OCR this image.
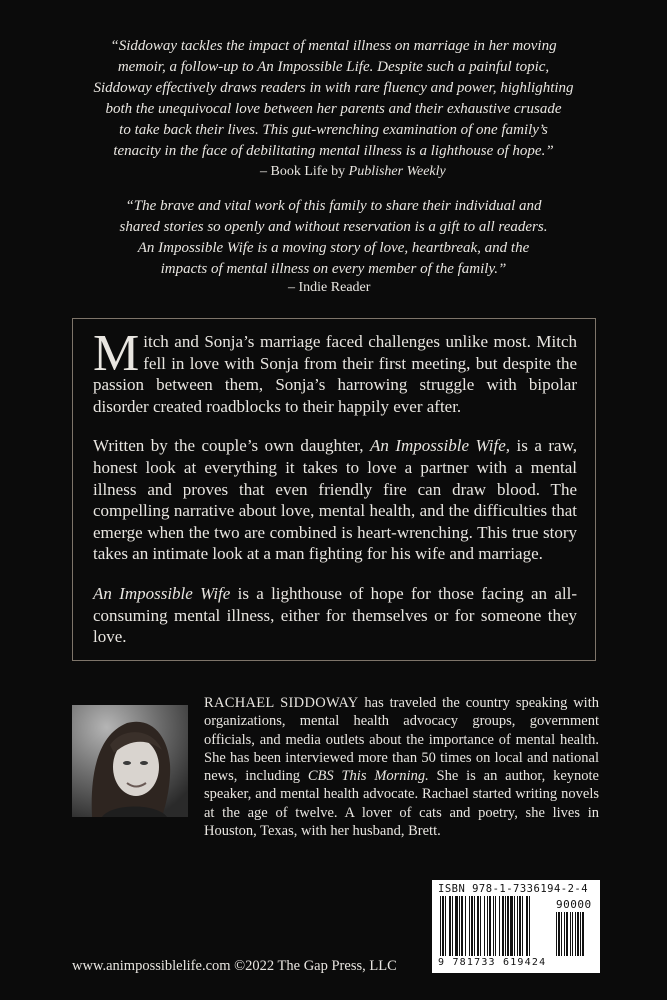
“Siddoway tackles the impact of mental illness on marriage in her moving

memoir, a follow-up to An Impossible Life. Despite such a painful topic,

Siddoway effectively draws readers in with rare fluency and power, highlighting

both the unequivocal love between her parents and their exhaustive crusade

to take back their lives. This gut-wrenching examination of one family’s

tenacity in the face of debilitating mental illness is a lighthouse of hope.”

– Book Life by Publisher Weekly

“The brave and vital work of this family to share their individual and

shared stories so openly and without reservation is a gift to all readers.

An Impossible Wife is a moving story of love, heartbreak, and the

impacts of mental illness on every member of the family.”

– Indie Reader

Mitch and Sonja’s marriage faced challenges unlike most. Mitch fell in love with Sonja from their first meeting, but despite the passion between them, Sonja’s harrowing struggle with bipolar disorder created roadblocks to their happily ever after.

Written by the couple’s own daughter, An Impossible Wife, is a raw, honest look at everything it takes to love a partner with a mental illness and proves that even friendly fire can draw blood. The compelling narrative about love, mental health, and the difficulties that emerge when the two are combined is heart-wrenching. This true story takes an intimate look at a man fighting for his wife and marriage.

An Impossible Wife is a lighthouse of hope for those facing an all-consuming mental illness, either for themselves or for someone they love.

RACHAEL SIDDOWAY has traveled the country speaking with organizations, mental health advocacy groups, government officials, and media outlets about the importance of mental health. She has been interviewed more than 50 times on local and national news, including CBS This Morning. She is an author, keynote speaker, and mental health advocate. Rachael started writing novels at the age of twelve. A lover of cats and poetry, she lives in Houston, Texas, with her husband, Brett.
ISBN 978-1-7336194-2-4
90000
9 781733 619424
www.animpossiblelife.com ©2022 The Gap Press, LLC
